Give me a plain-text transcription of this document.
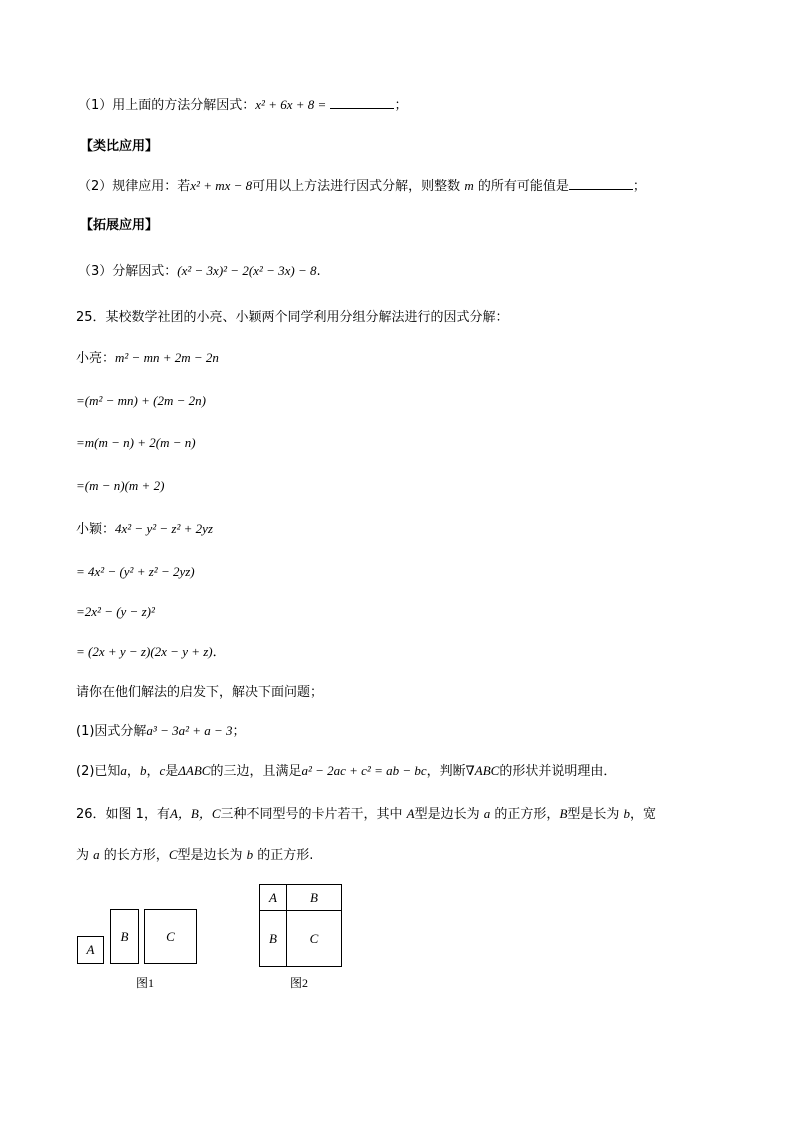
（1）用上面的方法分解因式：x² + 6x + 8 =	；
【类比应用】
（2）规律应用：若x² + mx − 8可用以上方法进行因式分解，则整数 m 的所有可能值是	；
【拓展应用】
（3）分解因式：(x² − 3x)² − 2(x² − 3x) − 8.
25．某校数学社团的小亮、小颖两个同学利用分组分解法进行的因式分解：
小亮：m² − mn + 2m − 2n
=(m² − mn) + (2m − 2n)
=m(m − n) + 2(m − n)
=(m − n)(m + 2)
小颖：4x² − y² − z² + 2yz
= 4x² − (y² + z² − 2yz)
=2x² − (y − z)²
= (2x + y − z)(2x − y + z)．
请你在他们解法的启发下，解决下面问题；
(1)因式分解a³ − 3a² + a − 3；
(2)已知a，b，c是ΔABC的三边，且满足a² − 2ac + c² = ab − bc，判断∇ABC的形状并说明理由．
26．如图 1，有A，B，C三种不同型号的卡片若干，其中 A型是边长为 a 的正方形，B型是长为 b，宽
为 a 的长方形，C型是边长为 b 的正方形.
A
B	C
图1
A	B
B	C
图2
